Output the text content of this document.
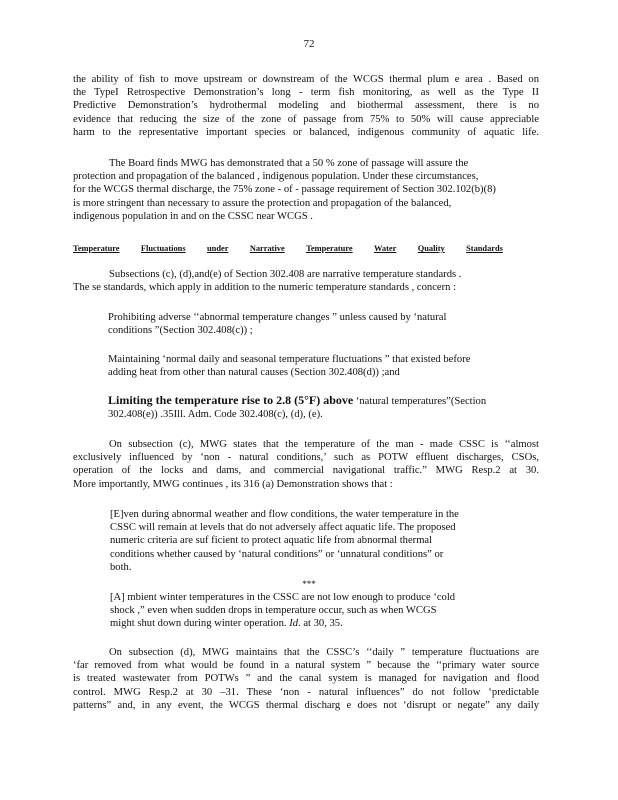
72
the ability of fish to move upstream or downstream of the WCGS thermal plum e area . Based on
the TypeI Retrospective Demonstration’s long - term fish monitoring, as well as the Type II
Predictive Demonstration’s hydrothermal modeling and biothermal assessment, there is no
evidence that reducing the size of the zone of passage from 75% to 50% will cause appreciable
harm to the representative important species or balanced, indigenous community of aquatic life.
The Board finds MWG has demonstrated that a 50 % zone of passage will assure the
protection and propagation of the balanced , indigenous population. Under these circumstances,
for the WCGS thermal discharge, the 75% zone - of - passage requirement of Section 302.102(b)(8)
is more stringent than necessary to assure the protection and propagation of the balanced,
indigenous population in and on the CSSC near WCGS .
Temperature	Fluctuations	under	Narrative	Temperature	Water	Quality	Standards
Subsections (c), (d),and(e) of Section 302.408 are narrative temperature standards .
The se standards, which apply in addition to the numeric temperature standards , concern :
Prohibiting adverse ‘‘abnormal temperature changes ” unless caused by ‘natural
conditions ”(Section 302.408(c)) ;
Maintaining ‘normal daily and seasonal temperature fluctuations ” that existed before
adding heat from other than natural causes (Section 302.408(d)) ;and
Limiting the temperature rise to 2.8 (5°F) above ‘natural temperatures”(Section
302.408(e)) .35Ill. Adm. Code 302.408(c), (d), (e).
On subsection (c), MWG states that the temperature of the man - made CSSC is ‘‘almost
exclusively influenced by ‘non - natural conditions,’ such as POTW effluent discharges, CSOs,
operation of the locks and dams, and commercial navigational traffic.” MWG Resp.2 at 30.
More importantly, MWG continues , its 316 (a) Demonstration shows that :
[E]ven during abnormal weather and flow conditions, the water temperature in the
CSSC will remain at levels that do not adversely affect aquatic life. The proposed
numeric criteria are suf ficient to protect aquatic life from abnormal thermal
conditions whether caused by ‘natural conditions” or ‘unnatural conditions” or
both.
***
[A] mbient winter temperatures in the CSSC are not low enough to produce ‘cold
shock ,” even when sudden drops in temperature occur, such as when WCGS
might shut down during winter operation. Id. at 30, 35.
On subsection (d), MWG maintains that the CSSC’s ‘‘daily ” temperature fluctuations are
‘far removed from what would be found in a natural system ” because the ‘‘primary water source
is treated wastewater from POTWs ” and the canal system is managed for navigation and flood
control. MWG Resp.2 at 30 –31. These ‘non - natural influences” do not follow ‘predictable
patterns” and, in any event, the WCGS thermal discharg e does not ‘disrupt or negate” any daily
